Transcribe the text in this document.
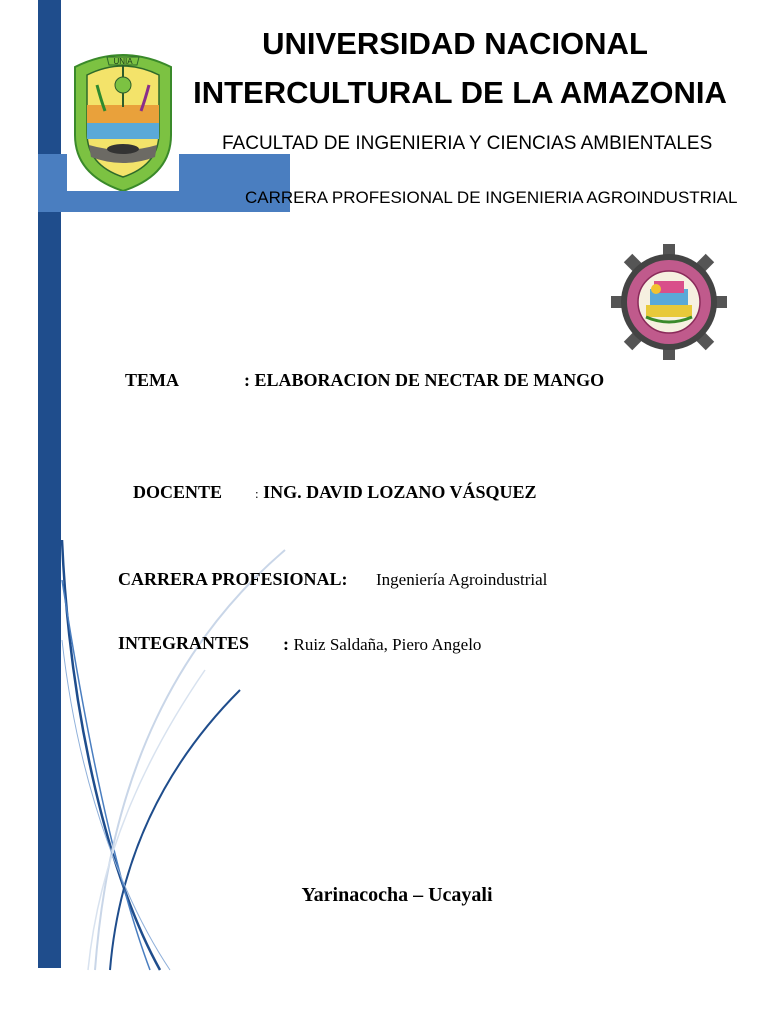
UNIA
UNIVERSIDAD NACIONAL
INTERCULTURAL DE LA AMAZONIA
FACULTAD DE INGENIERIA Y CIENCIAS AMBIENTALES
CARRERA PROFESIONAL DE INGENIERIA AGROINDUSTRIAL
TEMA	: ELABORACION DE NECTAR DE MANGO
DOCENTE	: ING. DAVID LOZANO VÁSQUEZ
CARRERA PROFESIONAL: Ingeniería Agroindustrial
INTEGRANTES : Ruiz Saldaña, Piero Angelo
Yarinacocha – Ucayali
